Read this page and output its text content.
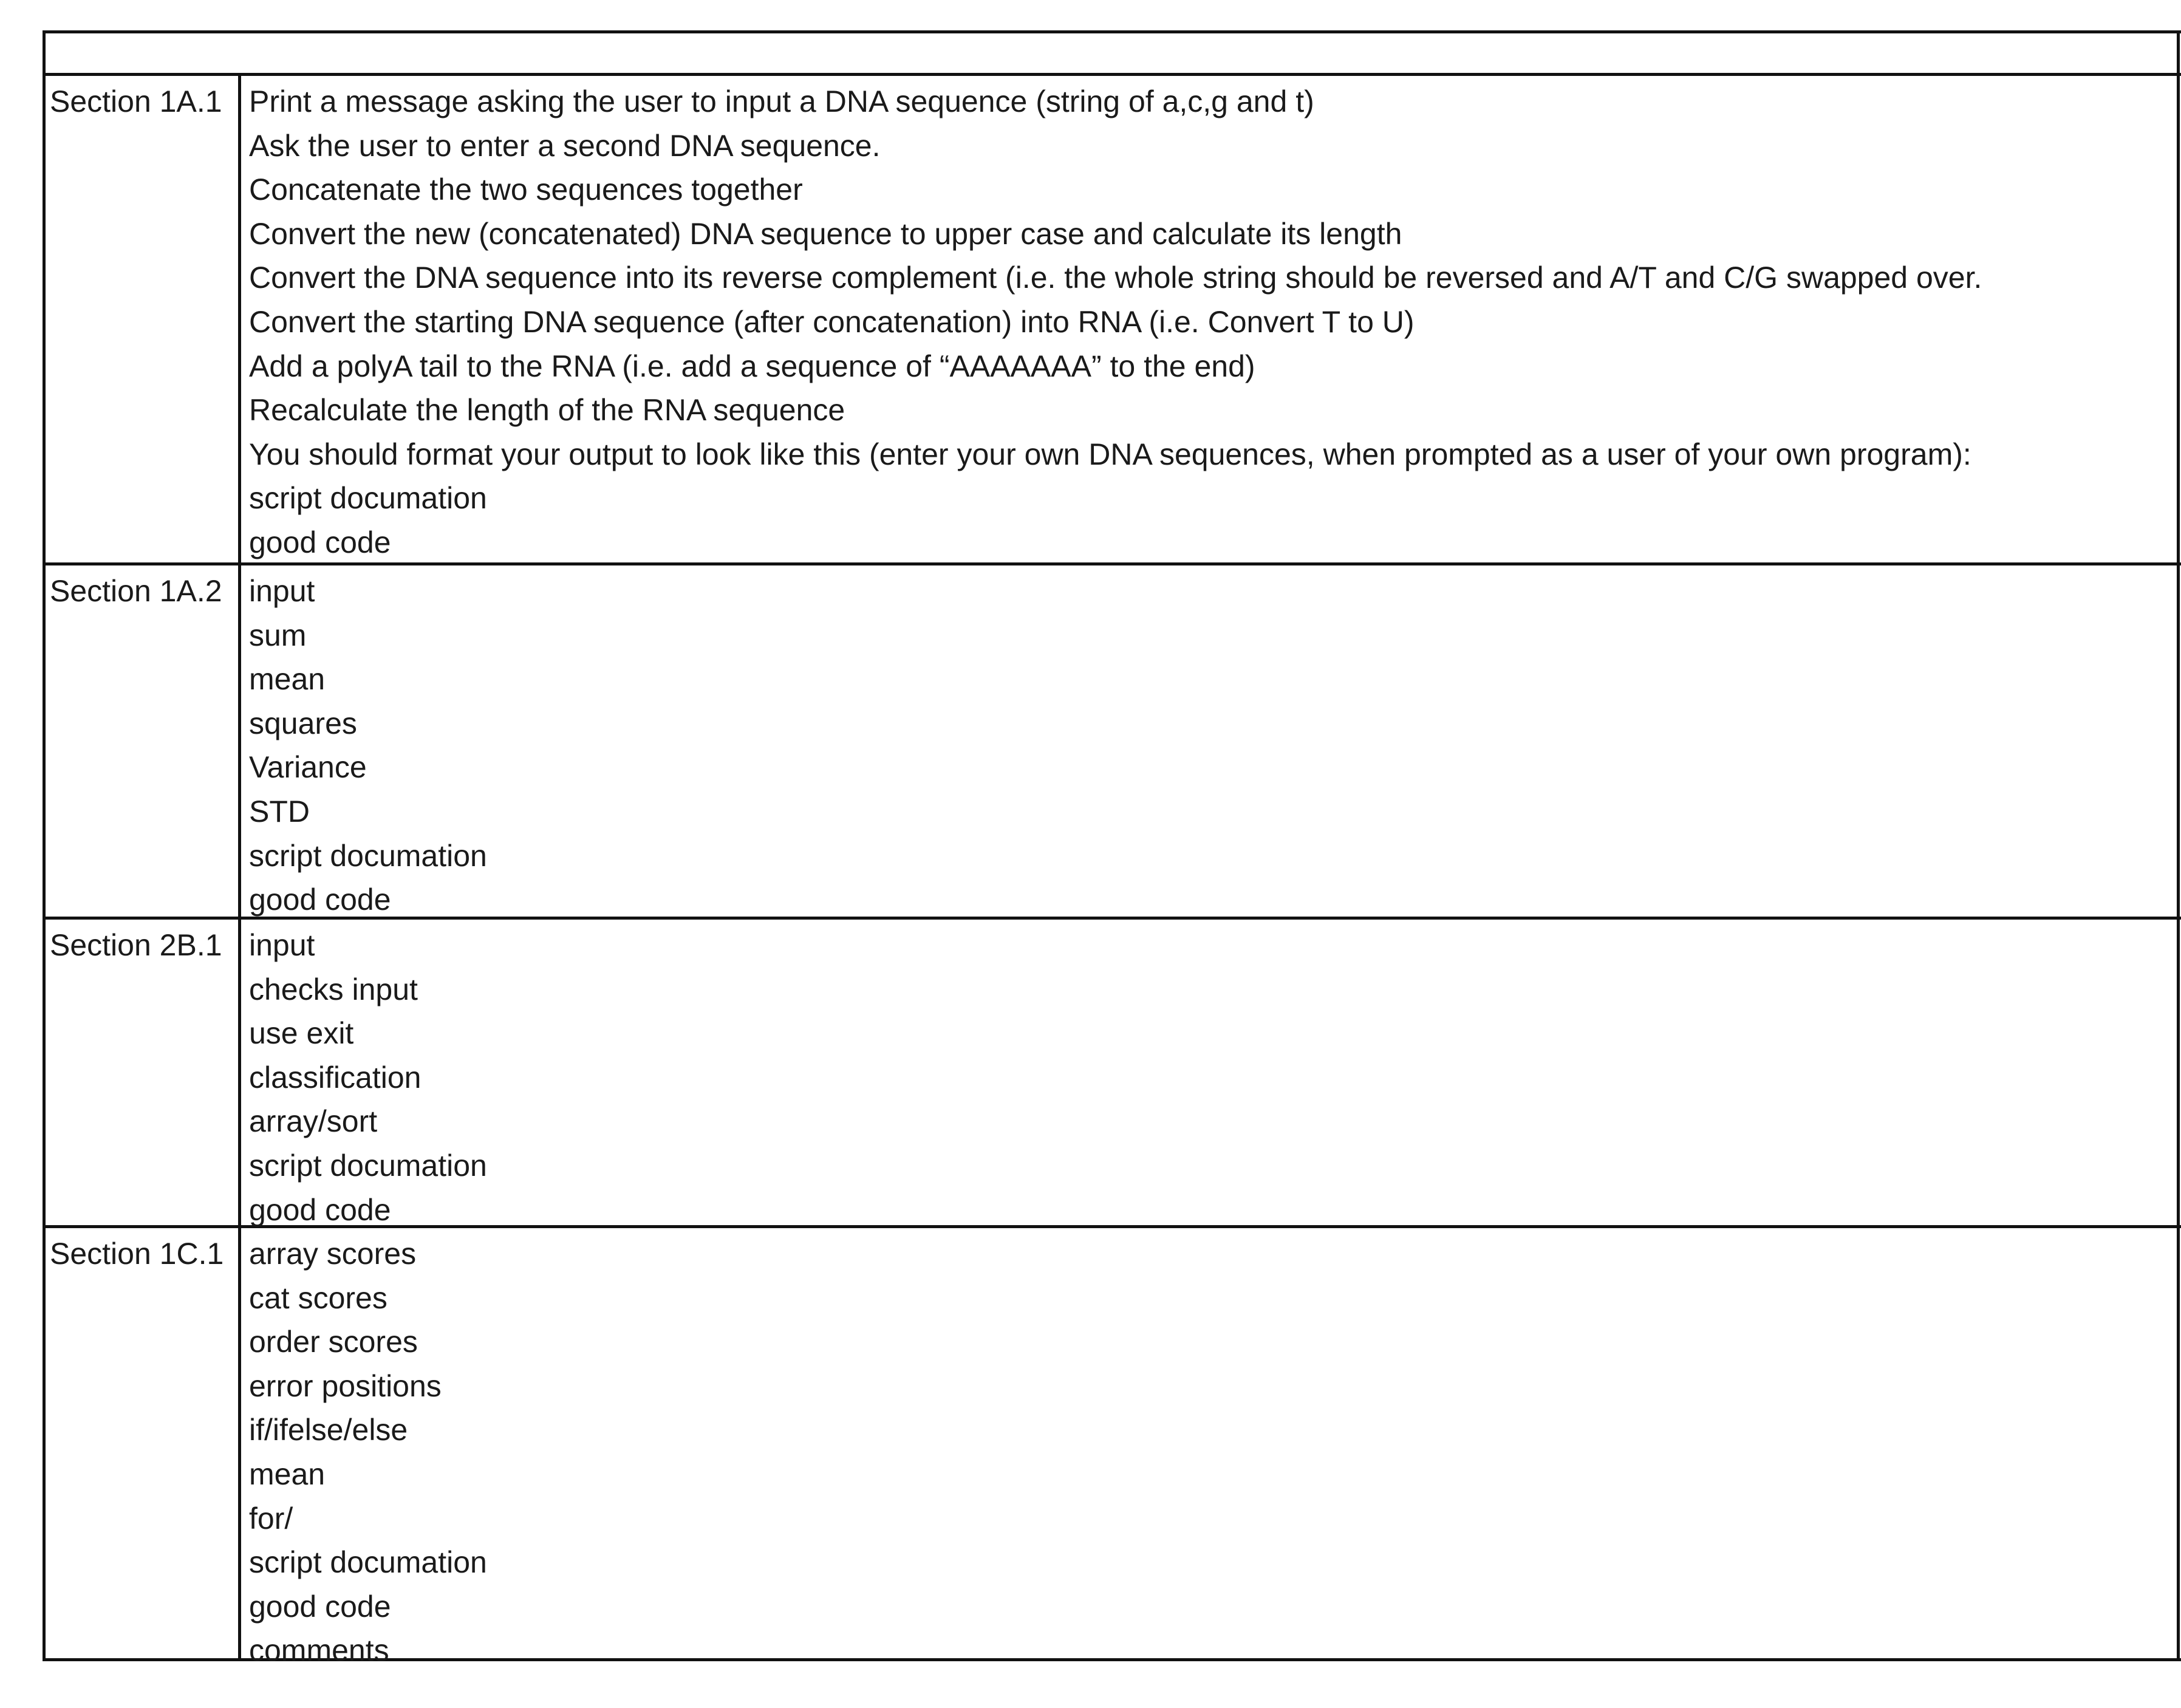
Section 1A.1 Print a message asking the user to input a DNA sequence (string of a,c,g and t)
Ask the user to enter a second DNA sequence.
Concatenate the two sequences together
Convert the new (concatenated) DNA sequence to upper case and calculate its length
Convert the DNA sequence into its reverse complement (i.e. the whole string should be reversed and A/T and C/G swapped over.
Convert the starting DNA sequence (after concatenation) into RNA (i.e. Convert T to U)
Add a polyA tail to the RNA (i.e. add a sequence of “AAAAAAA” to the end)
Recalculate the length of the RNA sequence
You should format your output to look like this (enter your own DNA sequences, when prompted as a user of your own program):
script documation
good code
Section 1A.2 input
sum
mean
squares
Variance
STD
script documation
good code
Section 2B.1 input
checks input
use exit
classification
array/sort
script documation
good code
Section 1C.1 array scores
cat scores
order scores
error positions
if/ifelse/else
mean
for/
script documation
good code
comments
